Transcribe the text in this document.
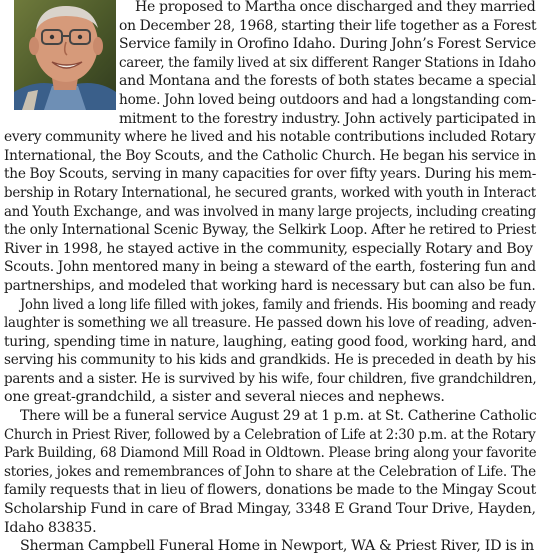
He proposed to Martha once discharged and they married
on December 28, 1968, starting their life together as a Forest
Service family in Orofino Idaho. During John’s Forest Service
career, the family lived at six different Ranger Stations in Idaho
and Montana and the forests of both states became a special
home. John loved being outdoors and had a longstanding com-
mitment to the forestry industry. John actively participated in
every community where he lived and his notable contributions included Rotary
International, the Boy Scouts, and the Catholic Church. He began his service in
the Boy Scouts, serving in many capacities for over fifty years. During his mem-
bership in Rotary International, he secured grants, worked with youth in Interact
and Youth Exchange, and was involved in many large projects, including creating
the only International Scenic Byway, the Selkirk Loop. After he retired to Priest
River in 1998, he stayed active in the community, especially Rotary and Boy
Scouts. John mentored many in being a steward of the earth, fostering fun and
partnerships, and modeled that working hard is necessary but can also be fun.
John lived a long life filled with jokes, family and friends. His booming and ready
laughter is something we all treasure. He passed down his love of reading, adven-
turing, spending time in nature, laughing, eating good food, working hard, and
serving his community to his kids and grandkids. He is preceded in death by his
parents and a sister. He is survived by his wife, four children, five grandchildren,
one great-grandchild, a sister and several nieces and nephews.
There will be a funeral service August 29 at 1 p.m. at St. Catherine Catholic
Church in Priest River, followed by a Celebration of Life at 2:30 p.m. at the Rotary
Park Building, 68 Diamond Mill Road in Oldtown. Please bring along your favorite
stories, jokes and remembrances of John to share at the Celebration of Life. The
family requests that in lieu of flowers, donations be made to the Mingay Scout
Scholarship Fund in care of Brad Mingay, 3348 E Grand Tour Drive, Hayden,
Idaho 83835.
Sherman Campbell Funeral Home in Newport, WA & Priest River, ID is in
